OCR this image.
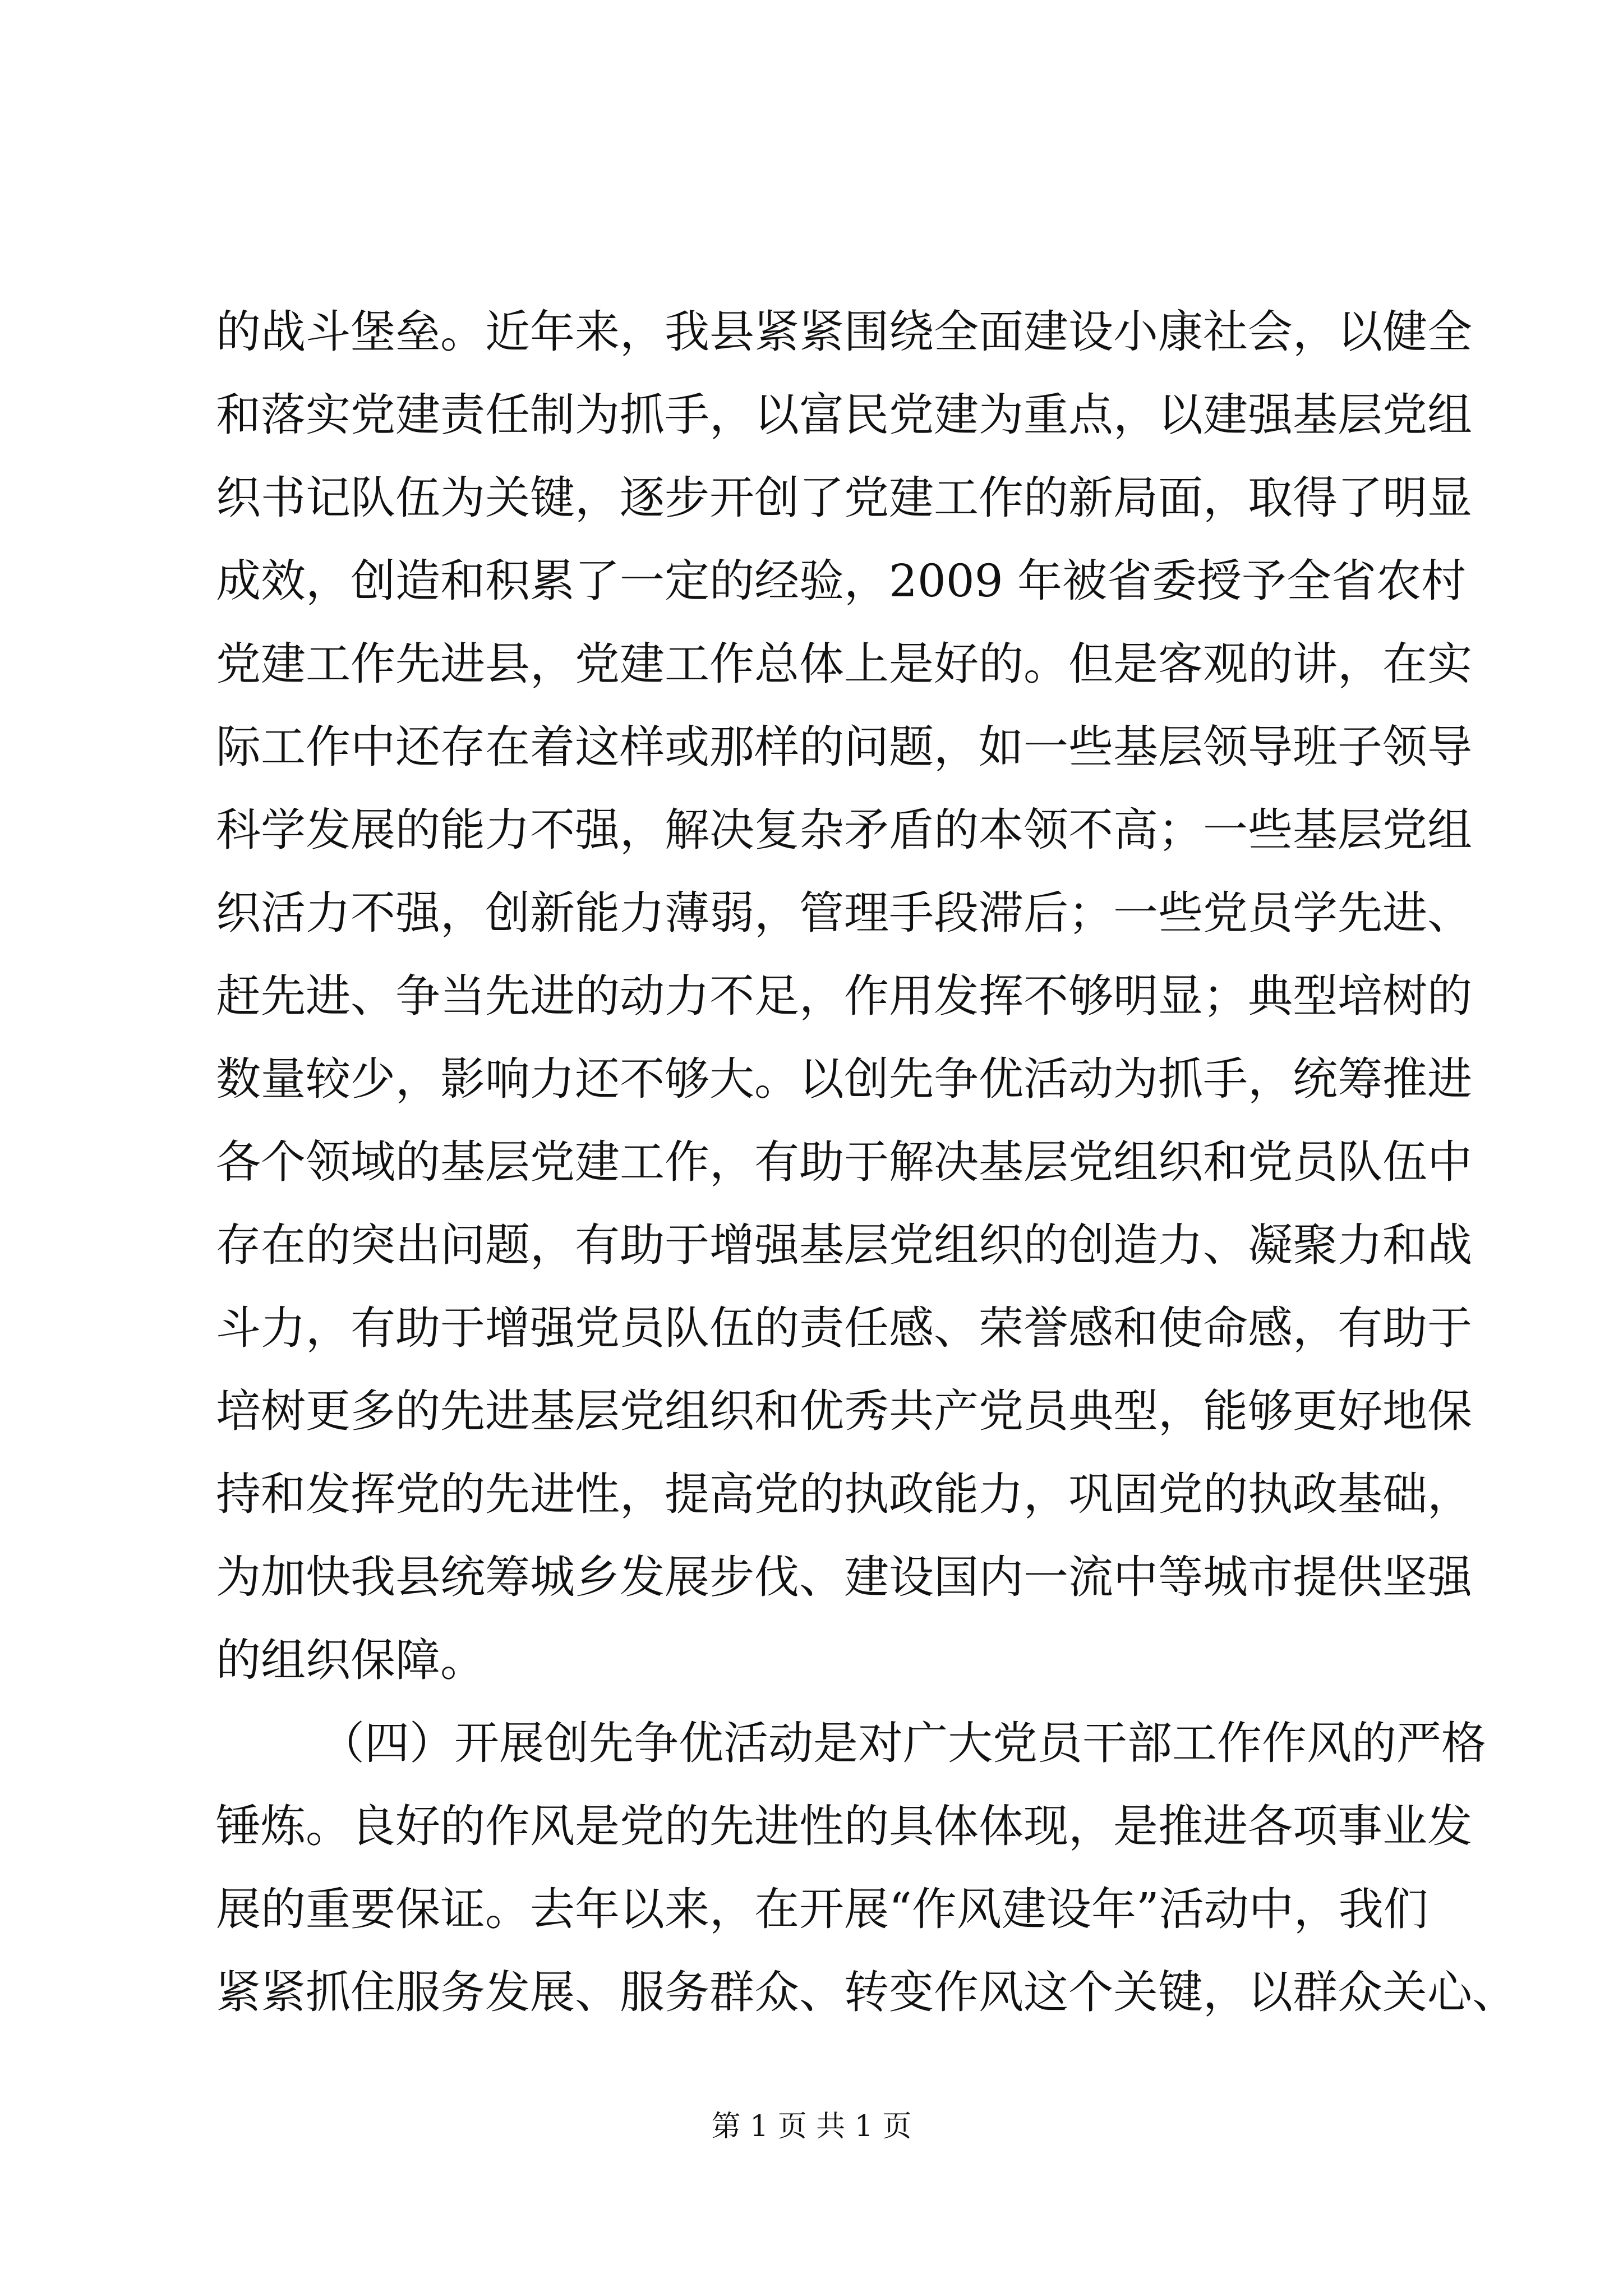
的战斗堡垒。近年来，我县紧紧围绕全面建设小康社会，以健全
和落实党建责任制为抓手，以富民党建为重点，以建强基层党组
织书记队伍为关键，逐步开创了党建工作的新局面，取得了明显
成效，创造和积累了一定的经验，2009 年被省委授予全省农村
党建工作先进县，党建工作总体上是好的。但是客观的讲，在实
际工作中还存在着这样或那样的问题，如一些基层领导班子领导
科学发展的能力不强，解决复杂矛盾的本领不高；一些基层党组
织活力不强，创新能力薄弱，管理手段滞后；一些党员学先进、
赶先进、争当先进的动力不足，作用发挥不够明显；典型培树的
数量较少，影响力还不够大。以创先争优活动为抓手，统筹推进
各个领域的基层党建工作，有助于解决基层党组织和党员队伍中
存在的突出问题，有助于增强基层党组织的创造力、凝聚力和战
斗力，有助于增强党员队伍的责任感、荣誉感和使命感，有助于
培树更多的先进基层党组织和优秀共产党员典型，能够更好地保
持和发挥党的先进性，提高党的执政能力，巩固党的执政基础，
为加快我县统筹城乡发展步伐、建设国内一流中等城市提供坚强
的组织保障。
（四）开展创先争优活动是对广大党员干部工作作风的严格
锤炼。良好的作风是党的先进性的具体体现，是推进各项事业发
展的重要保证。去年以来，在开展“作风建设年”活动中，我们
紧紧抓住服务发展、服务群众、转变作风这个关键，以群众关心、
第 1 页 共 1 页
